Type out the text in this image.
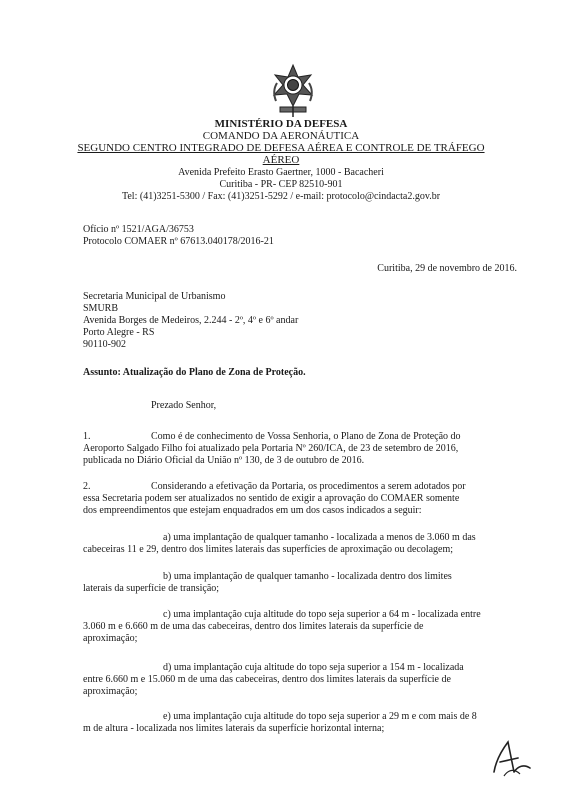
MINISTÉRIO DA DEFESA
COMANDO DA AERONÁUTICA
SEGUNDO CENTRO INTEGRADO DE DEFESA AÉREA E CONTROLE DE TRÁFEGO
AÉREO
Avenida Prefeito Erasto Gaertner, 1000 - Bacacheri
Curitiba - PR- CEP 82510-901
Tel: (41)3251-5300 / Fax: (41)3251-5292 / e-mail: protocolo@cindacta2.gov.br
Ofício nº 1521/AGA/36753
Protocolo COMAER nº 67613.040178/2016-21
Curitiba, 29 de novembro de 2016.
Secretaria Municipal de Urbanismo
SMURB
Avenida Borges de Medeiros, 2.244 - 2º, 4º e 6º andar
Porto Alegre - RS
90110-902
Assunto: Atualização do Plano de Zona de Proteção.
Prezado Senhor,
1.	Como é de conhecimento de Vossa Senhoria, o Plano de Zona de Proteção do
Aeroporto Salgado Filho foi atualizado pela Portaria Nº 260/ICA, de 23 de setembro de 2016,
publicada no Diário Oficial da União nº 130, de 3 de outubro de 2016.
2.	Considerando a efetivação da Portaria, os procedimentos a serem adotados por
essa Secretaria podem ser atualizados no sentido de exigir a aprovação do COMAER somente
dos empreendimentos que estejam enquadrados em um dos casos indicados a seguir:
a) uma implantação de qualquer tamanho - localizada a menos de 3.060 m das
cabeceiras 11 e 29, dentro dos limites laterais das superfícies de aproximação ou decolagem;
b) uma implantação de qualquer tamanho - localizada dentro dos limites
laterais da superfície de transição;
c) uma implantação cuja altitude do topo seja superior a 64 m - localizada entre
3.060 m e 6.660 m de uma das cabeceiras, dentro dos limites laterais da superfície de
aproximação;
d) uma implantação cuja altitude do topo seja superior a 154 m - localizada
entre 6.660 m e 15.060 m de uma das cabeceiras, dentro dos limites laterais da superfície de
aproximação;
e) uma implantação cuja altitude do topo seja superior a 29 m e com mais de 8
m de altura - localizada nos limites laterais da superfície horizontal interna;
